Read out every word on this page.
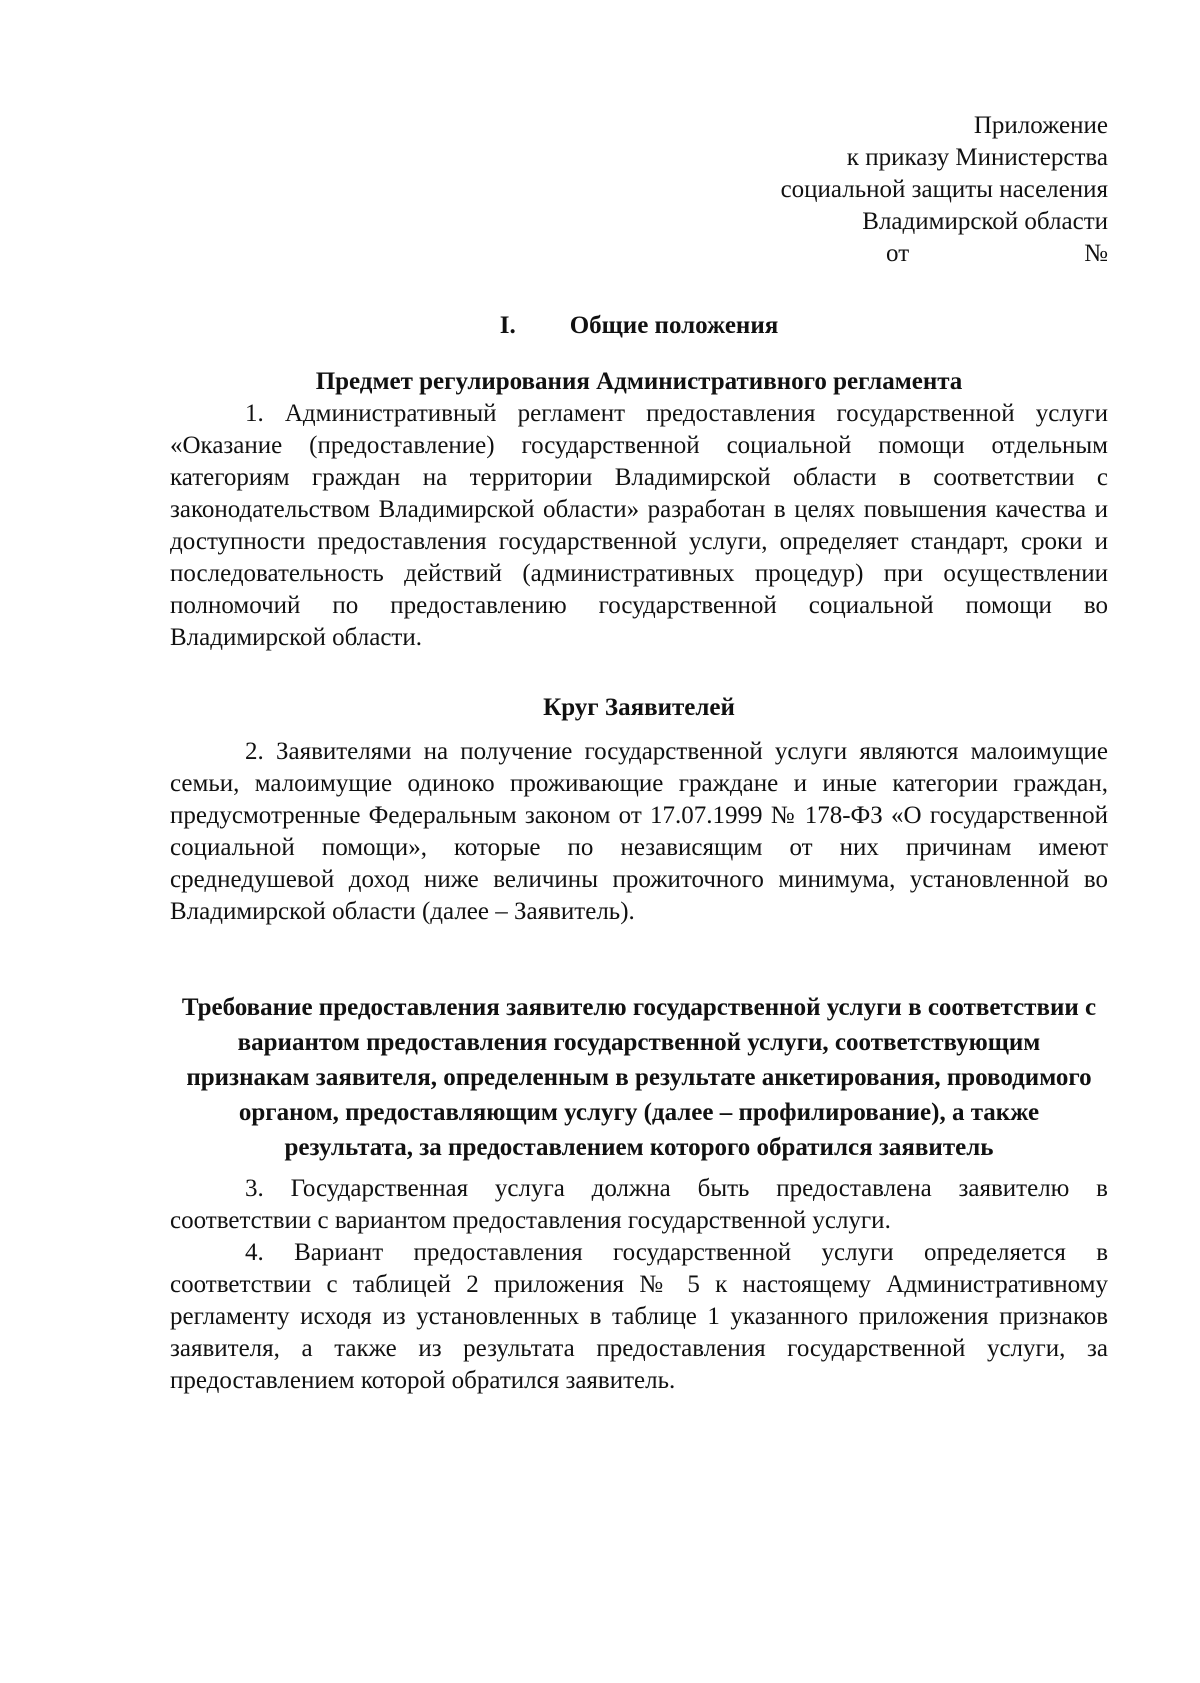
Приложение
к приказу Министерства
социальной защиты населения
Владимирской области
от	№
I. Общие положения
Предмет регулирования Административного регламента

1. Административный регламент предоставления государственной услуги «Оказание (предоставление) государственной социальной помощи отдельным категориям граждан на территории Владимирской области в соответствии с законодательством Владимирской области» разработан в целях повышения качества и доступности предоставления государственной услуги, определяет стандарт, сроки и последовательность действий (административных процедур) при осуществлении полномочий по предоставлению государственной социальной помощи во Владимирской области.

Круг Заявителей

2. Заявителями на получение государственной услуги являются малоимущие семьи, малоимущие одиноко проживающие граждане и иные категории граждан, предусмотренные Федеральным законом от 17.07.1999 № 178-ФЗ «О государственной социальной помощи», которые по независящим от них причинам имеют среднедушевой доход ниже величины прожиточного минимума, установленной во Владимирской области (далее – Заявитель).

Требование предоставления заявителю государственной услуги в соответствии с вариантом предоставления государственной услуги, соответствующим признакам заявителя, определенным в результате анкетирования, проводимого органом, предоставляющим услугу (далее – профилирование), а также результата, за предоставлением которого обратился заявитель

3. Государственная услуга должна быть предоставлена заявителю в соответствии с вариантом предоставления государственной услуги.

4. Вариант предоставления государственной услуги определяется в соответствии с таблицей 2 приложения № 5 к настоящему Административному регламенту исходя из установленных в таблице 1 указанного приложения признаков заявителя, а также из результата предоставления государственной услуги, за предоставлением которой обратился заявитель.
